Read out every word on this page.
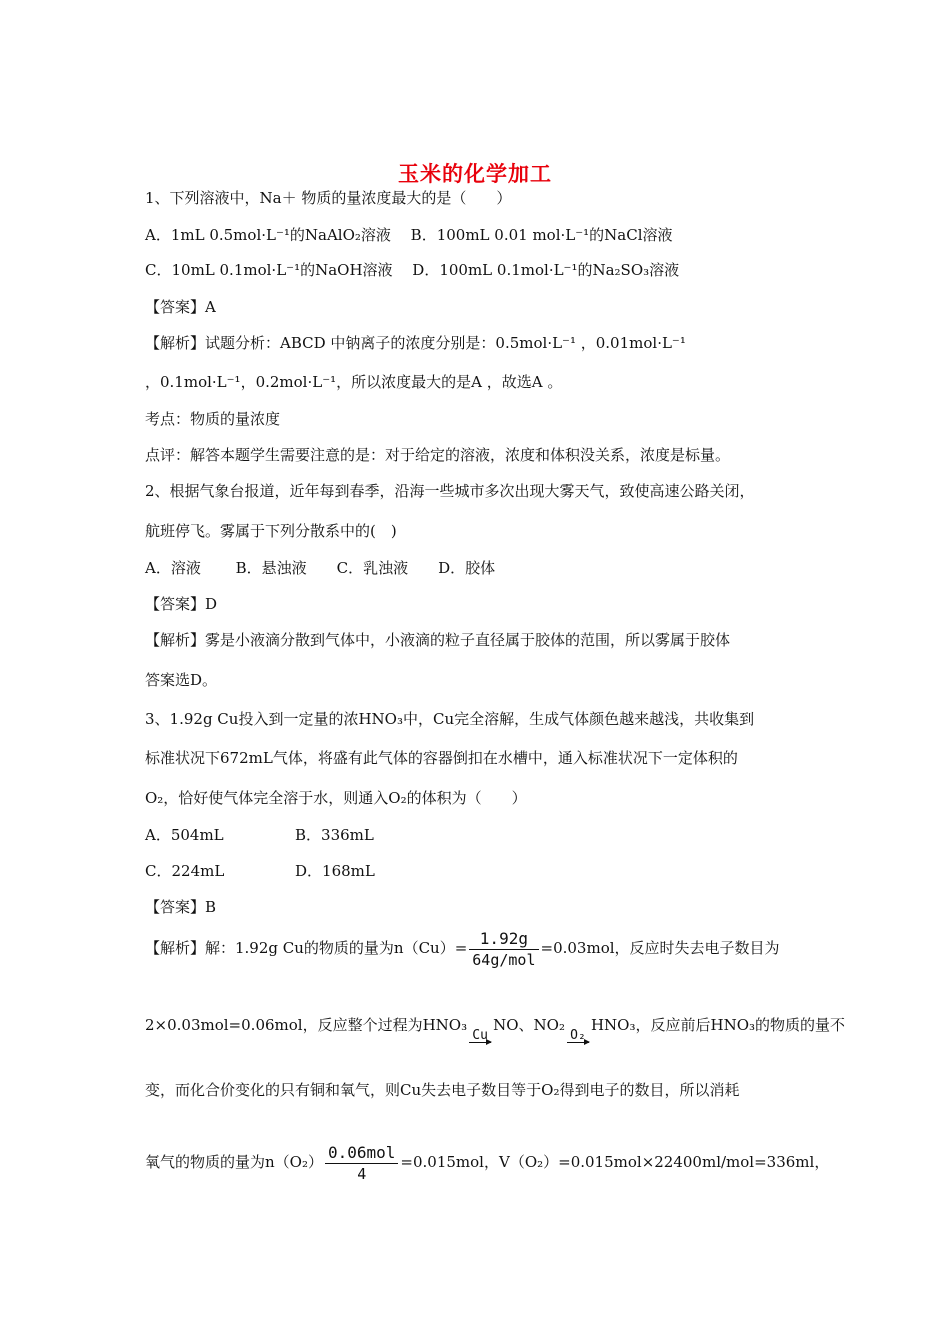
玉米的化学加工
1、下列溶液中，Na＋ 物质的量浓度最大的是（　　）
A．1mL 0.5mol·L⁻¹的NaAlO₂溶液　 B．100mL 0.01 mol·L⁻¹的NaCl溶液
C．10mL 0.1mol·L⁻¹的NaOH溶液　 D．100mL 0.1mol·L⁻¹的Na₂SO₃溶液
【答案】A
【解析】试题分析：ABCD 中钠离子的浓度分别是：0.5mol·L⁻¹ ，0.01mol·L⁻¹
，0.1mol·L⁻¹，0.2mol·L⁻¹，所以浓度最大的是A ，故选A 。
考点：物质的量浓度
点评：解答本题学生需要注意的是：对于给定的溶液，浓度和体积没关系，浓度是标量。
2、根据气象台报道，近年每到春季，沿海一些城市多次出现大雾天气，致使高速公路关闭，
航班停飞。雾属于下列分散系中的(　)
A．溶液　　 B．悬浊液　　C．乳浊液　　D．胶体
【答案】D
【解析】雾是小液滴分散到气体中，小液滴的粒子直径属于胶体的范围，所以雾属于胶体
答案选D。
3、1.92g Cu投入到一定量的浓HNO₃中，Cu完全溶解，生成气体颜色越来越浅，共收集到
标准状况下672mL气体，将盛有此气体的容器倒扣在水槽中，通入标准状况下一定体积的
O₂，恰好使气体完全溶于水，则通入O₂的体积为（　　）
A．504mL	B．336mL
C．224mL	D．168mL
【答案】B
【解析】解：1.92g Cu的物质的量为$n(Cu)= \frac{1.92g}{\text{64g/mol}} =0.03mol$，反应时失去电子数目为
2×0.03mol=0.06mol，反应整个过程为HNO₃
Cu
NO、NO₂
O₂
HNO₃，反应前后HNO₃的物质的量不
变，而化合价变化的只有铜和氧气，则Cu失去电子数目等于O₂得到电子的数目，所以消耗
氧气的物质的量为$n(O_2) \frac{\text{0.06mol}}{4} =0.015mol$，V（O₂）=0.015mol×22400ml/mol=336ml，
